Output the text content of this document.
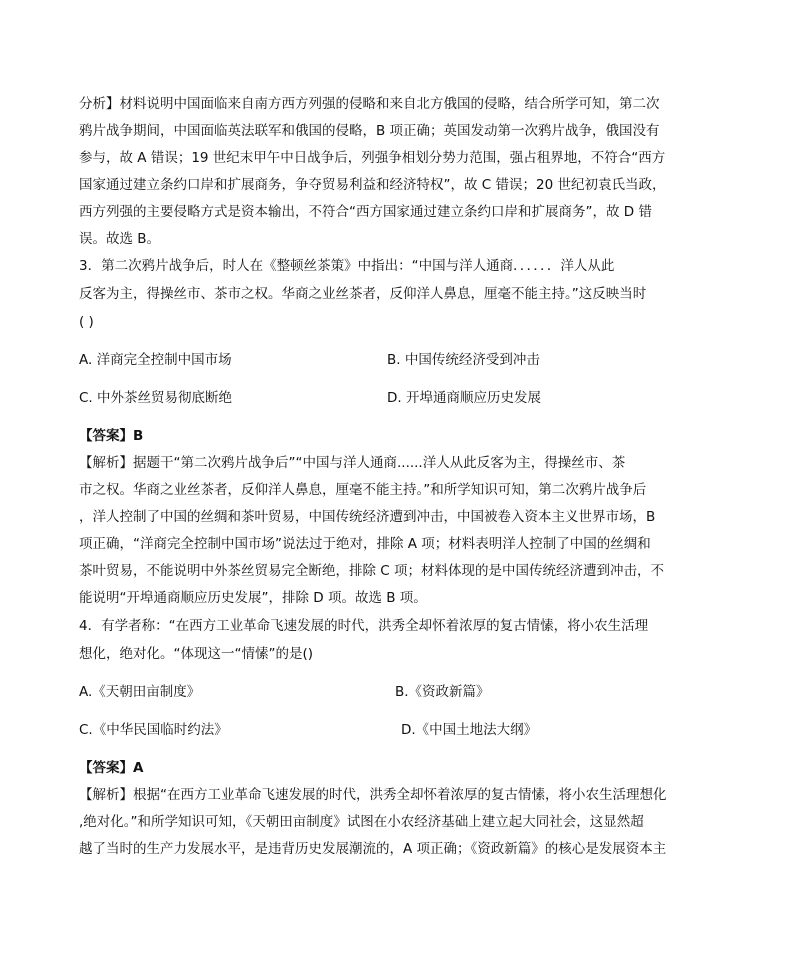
分析】材料说明中国面临来自南方西方列强的侵略和来自北方俄国的侵略，结合所学可知，第二次
鸦片战争期间，中国面临英法联军和俄国的侵略，B 项正确；英国发动第一次鸦片战争，俄国没有
参与，故 A 错误；19 世纪末甲午中日战争后，列强争相划分势力范围，强占租界地，不符合“西方
国家通过建立条约口岸和扩展商务，争夺贸易利益和经济特权”，故 C 错误；20 世纪初袁氏当政，
西方列强的主要侵略方式是资本输出，不符合“西方国家通过建立条约口岸和扩展商务”，故 D 错
误。故选 B。
3．第二次鸦片战争后，时人在《整顿丝茶策》中指出：“中国与洋人通商．．．．．．洋人从此
反客为主，得操丝市、茶市之权。华商之业丝茶者，反仰洋人鼻息，厘毫不能主持。”这反映当时
( )
A. 洋商完全控制中国市场	B. 中国传统经济受到冲击
C. 中外茶丝贸易彻底断绝	D. 开埠通商顺应历史发展
【答案】B
【解析】据题干“第二次鸦片战争后”“中国与洋人通商......洋人从此反客为主，得操丝市、茶
市之权。华商之业丝茶者，反仰洋人鼻息，厘毫不能主持。”和所学知识可知，第二次鸦片战争后
，洋人控制了中国的丝绸和茶叶贸易，中国传统经济遭到冲击，中国被卷入资本主义世界市场，B
项正确，“洋商完全控制中国市场”说法过于绝对，排除 A 项；材料表明洋人控制了中国的丝绸和
茶叶贸易，不能说明中外茶丝贸易完全断绝，排除 C 项；材料体现的是中国传统经济遭到冲击，不
能说明“开埠通商顺应历史发展”，排除 D 项。故选 B 项。
4．有学者称：“在西方工业革命飞速发展的时代，洪秀全却怀着浓厚的复古情愫，将小农生活理
想化，绝对化。“体现这一“情愫”的是()
A.《天朝田亩制度》	B.《资政新篇》
C.《中华民国临时约法》	D.《中国土地法大纲》
【答案】A
【解析】根据“在西方工业革命飞速发展的时代，洪秀全却怀着浓厚的复古情愫，将小农生活理想化
,绝对化。”和所学知识可知，《天朝田亩制度》试图在小农经济基础上建立起大同社会，这显然超
越了当时的生产力发展水平，是违背历史发展潮流的，A 项正确；《资政新篇》的核心是发展资本主
